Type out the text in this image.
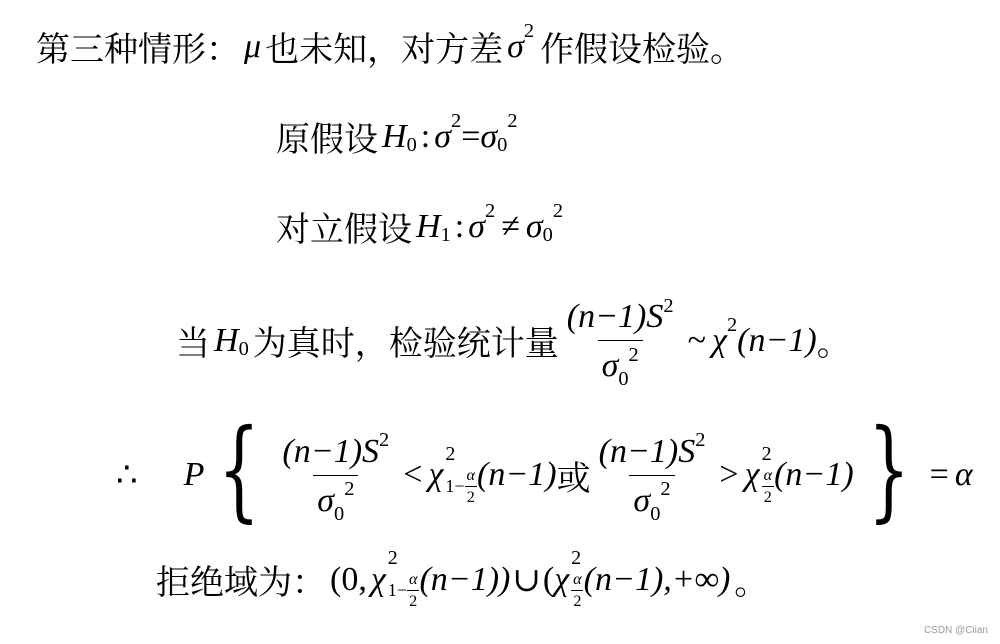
第三种情形： μ 也未知，对方差 σ 2 作假设检验。
原假设 H 0 : σ 2 = σ 0
2
对立假设 H 1 : σ 2 ≠ σ 0
2
当 H 0 为真时，检验统计量 $\frac{(n-1)S^2}{\sigma_0^2}$ ~ χ 2 (n−1) 。
∴ P { $\frac{(n-1)S^2}{\sigma_0^2} < \chi$
2
$1- \frac{\alpha}{2} (n-1)$ 或 $\frac{(n-1)S^2}{\sigma_0^2} > \chi$
2
$\frac{\alpha}{2} (n-1)$ } = α
拒绝域为： (0, χ
2
$1- \frac{\alpha}{2} (n-1)$) ∪ ( χ
2
$\frac{\alpha}{2} (n-1),+\infty$) 。
CSDN @Ciian
